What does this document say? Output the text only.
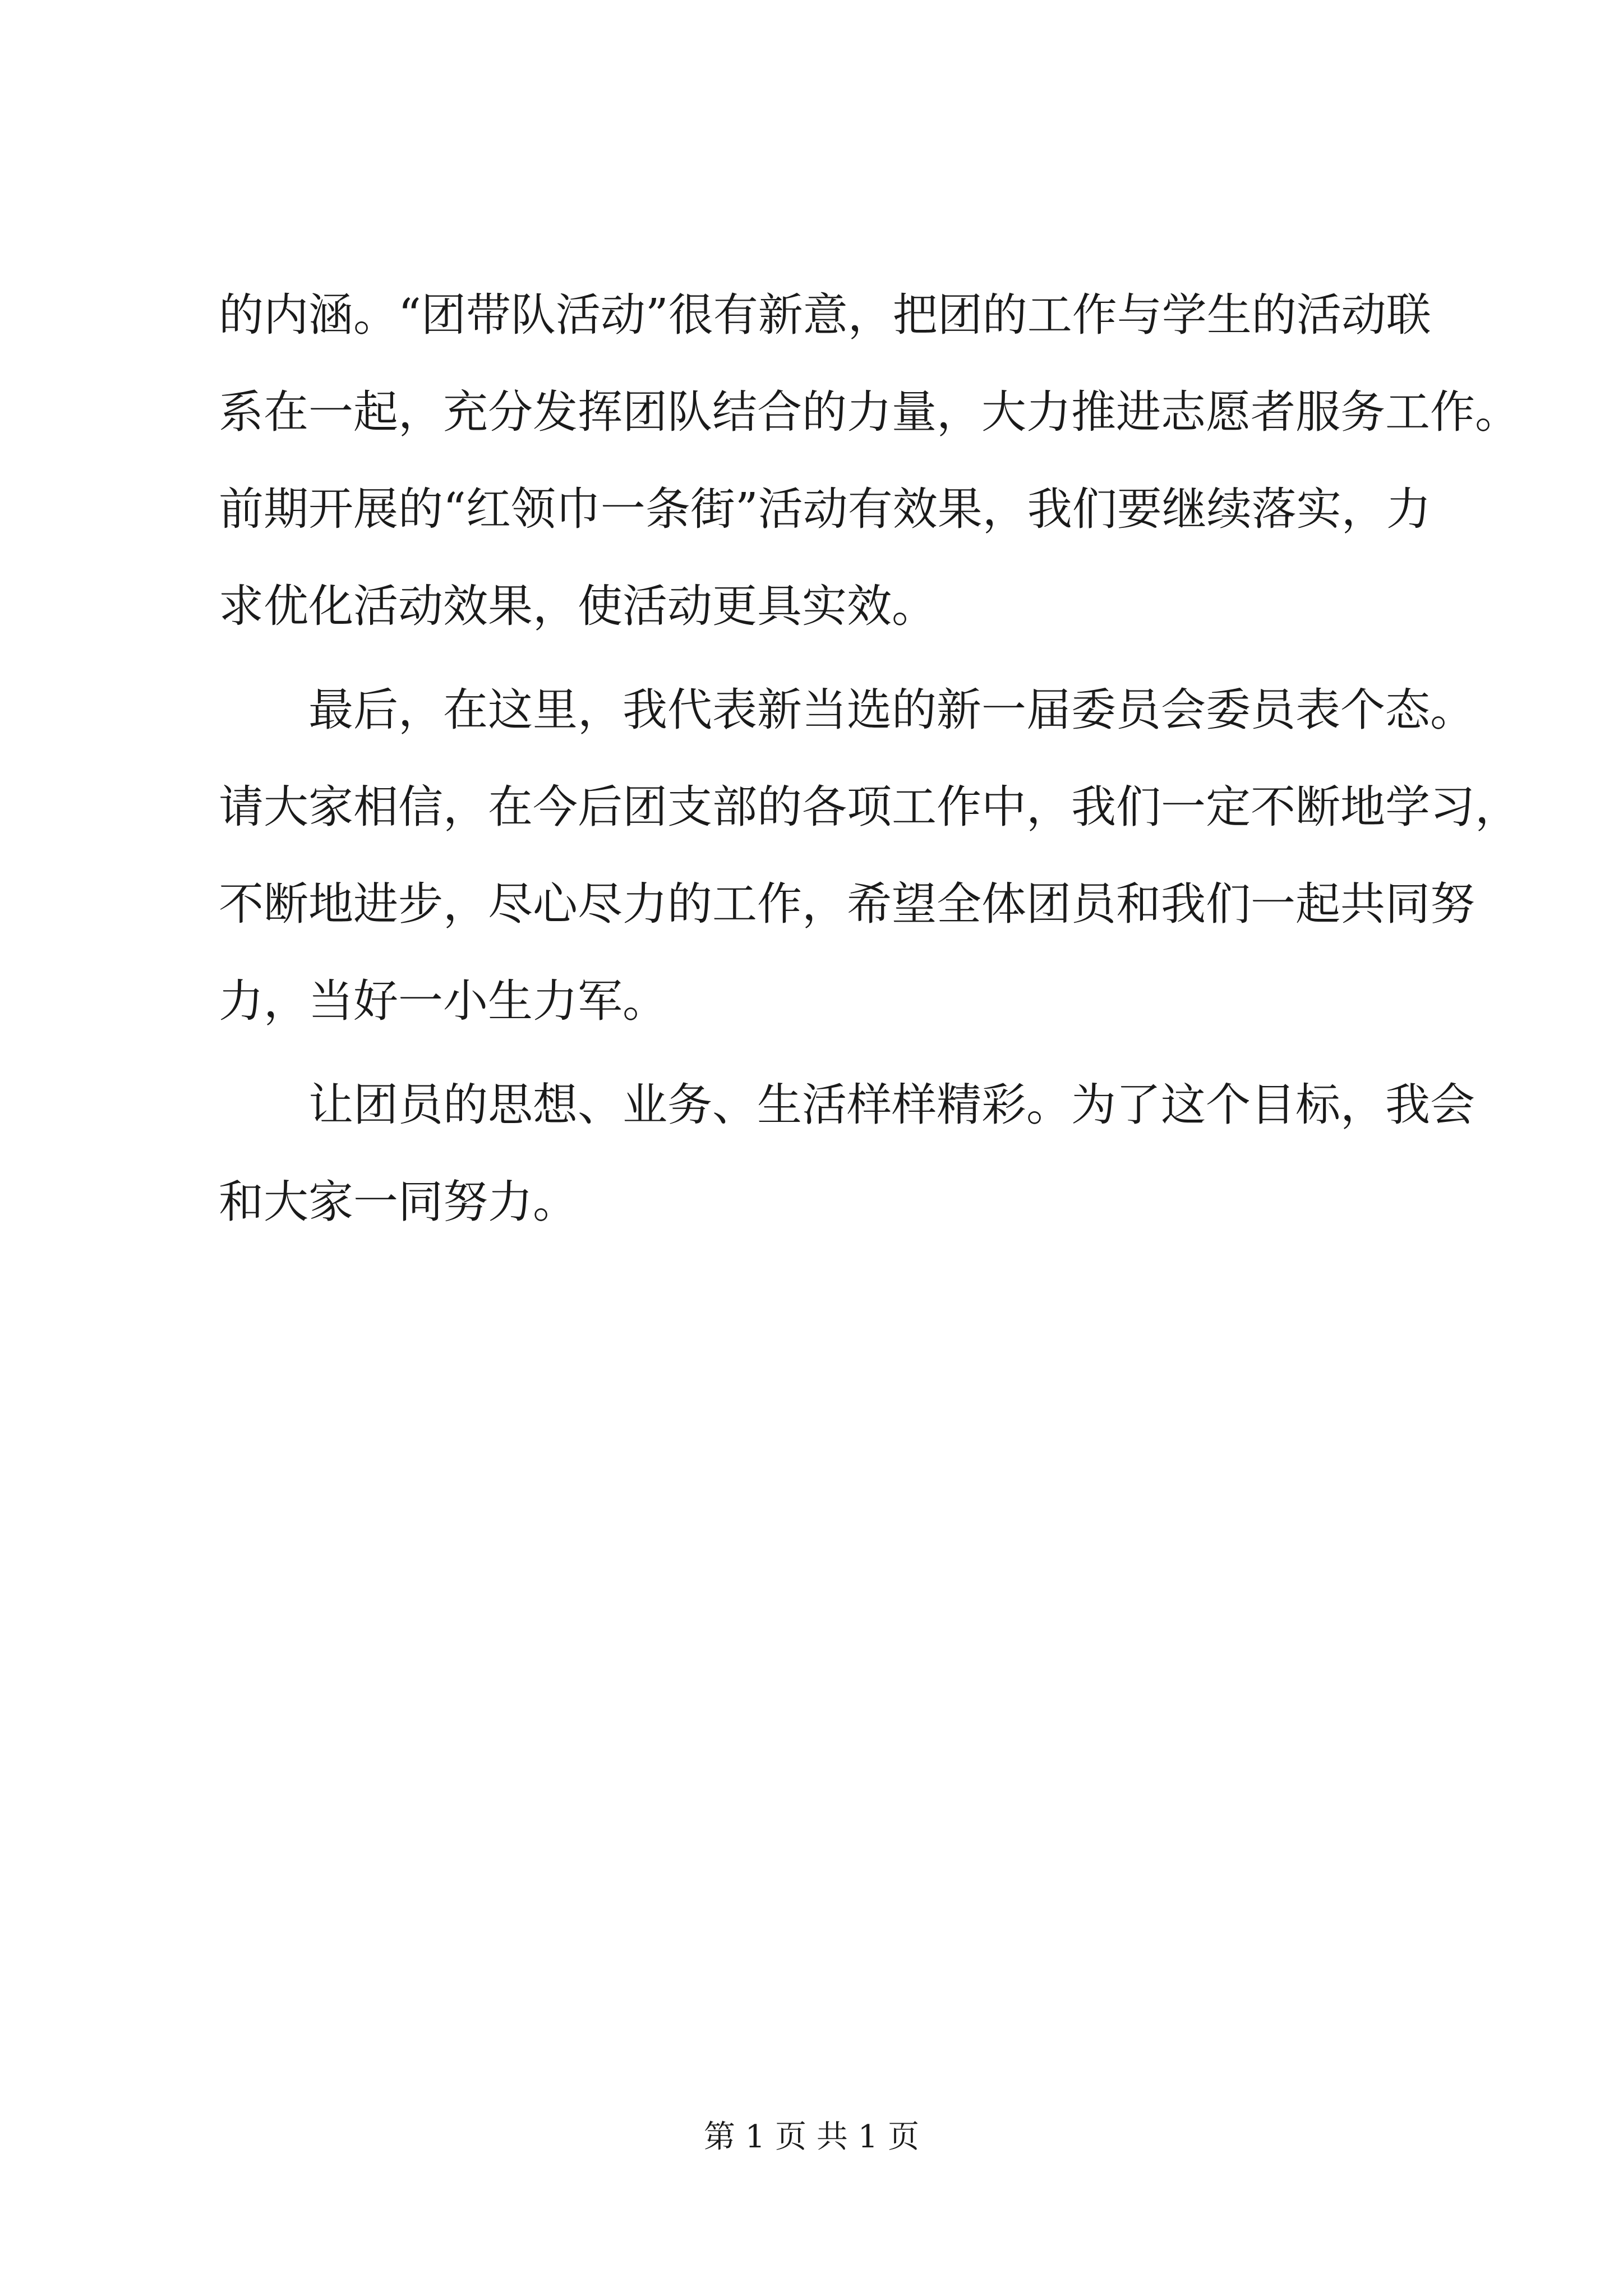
的内涵。“团带队活动”很有新意，把团的工作与学生的活动联
系在一起，充分发挥团队结合的力量，大力推进志愿者服务工作。
前期开展的“红领巾一条街”活动有效果，我们要继续落实，力
求优化活动效果，使活动更具实效。
最后，在这里，我代表新当选的新一届委员会委员表个态。
请大家相信，在今后团支部的各项工作中，我们一定不断地学习，
不断地进步，尽心尽力的工作，希望全体团员和我们一起共同努
力，当好一小生力军。
让团员的思想、业务、生活样样精彩。为了这个目标，我会
和大家一同努力。
第 1 页 共 1 页
